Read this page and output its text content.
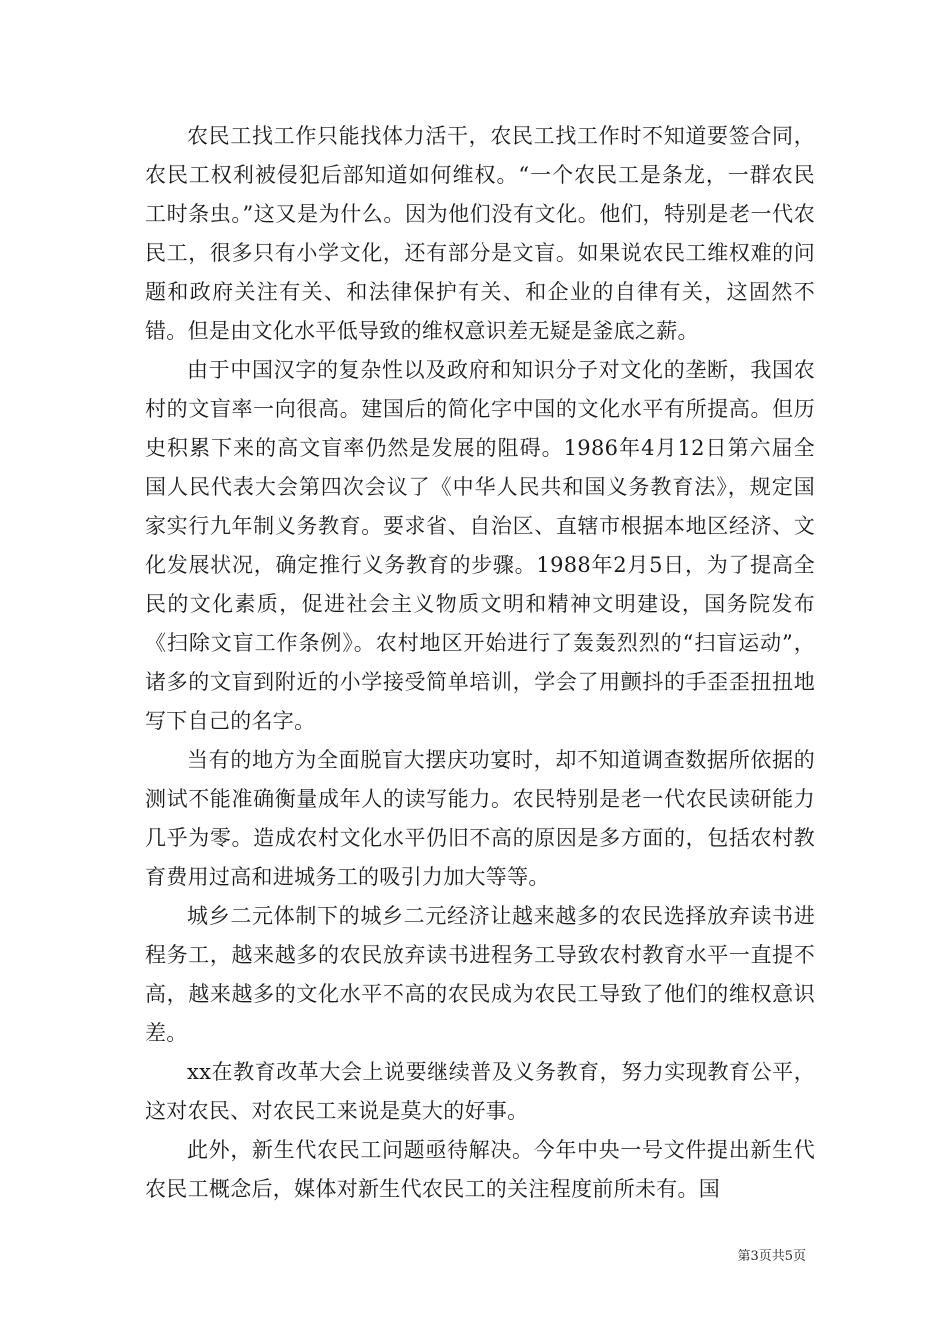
农民工找工作只能找体力活干，农民工找工作时不知道要签合同，农民工权利被侵犯后部知道如何维权。“一个农民工是条龙，一群农民工时条虫。”这又是为什么。因为他们没有文化。他们，特别是老一代农民工，很多只有小学文化，还有部分是文盲。如果说农民工维权难的问题和政府关注有关、和法律保护有关、和企业的自律有关，这固然不错。但是由文化水平低导致的维权意识差无疑是釜底之薪。

由于中国汉字的复杂性以及政府和知识分子对文化的垄断，我国农村的文盲率一向很高。建国后的简化字中国的文化水平有所提高。但历史积累下来的高文盲率仍然是发展的阻碍。1986年4月12日第六届全国人民代表大会第四次会议了《中华人民共和国义务教育法》，规定国家实行九年制义务教育。要求省、自治区、直辖市根据本地区经济、文化发展状况，确定推行义务教育的步骤。1988年2月5日，为了提高全民的文化素质，促进社会主义物质文明和精神文明建设，国务院发布《扫除文盲工作条例》。农村地区开始进行了轰轰烈烈的“扫盲运动”，诸多的文盲到附近的小学接受简单培训，学会了用颤抖的手歪歪扭扭地写下自己的名字。

当有的地方为全面脱盲大摆庆功宴时，却不知道调查数据所依据的测试不能准确衡量成年人的读写能力。农民特别是老一代农民读研能力几乎为零。造成农村文化水平仍旧不高的原因是多方面的，包括农村教育费用过高和进城务工的吸引力加大等等。

城乡二元体制下的城乡二元经济让越来越多的农民选择放弃读书进程务工，越来越多的农民放弃读书进程务工导致农村教育水平一直提不高，越来越多的文化水平不高的农民成为农民工导致了他们的维权意识差。

xx在教育改革大会上说要继续普及义务教育，努力实现教育公平，这对农民、对农民工来说是莫大的好事。

此外，新生代农民工问题亟待解决。今年中央一号文件提出新生代农民工概念后，媒体对新生代农民工的关注程度前所未有。国

第3页共5页
